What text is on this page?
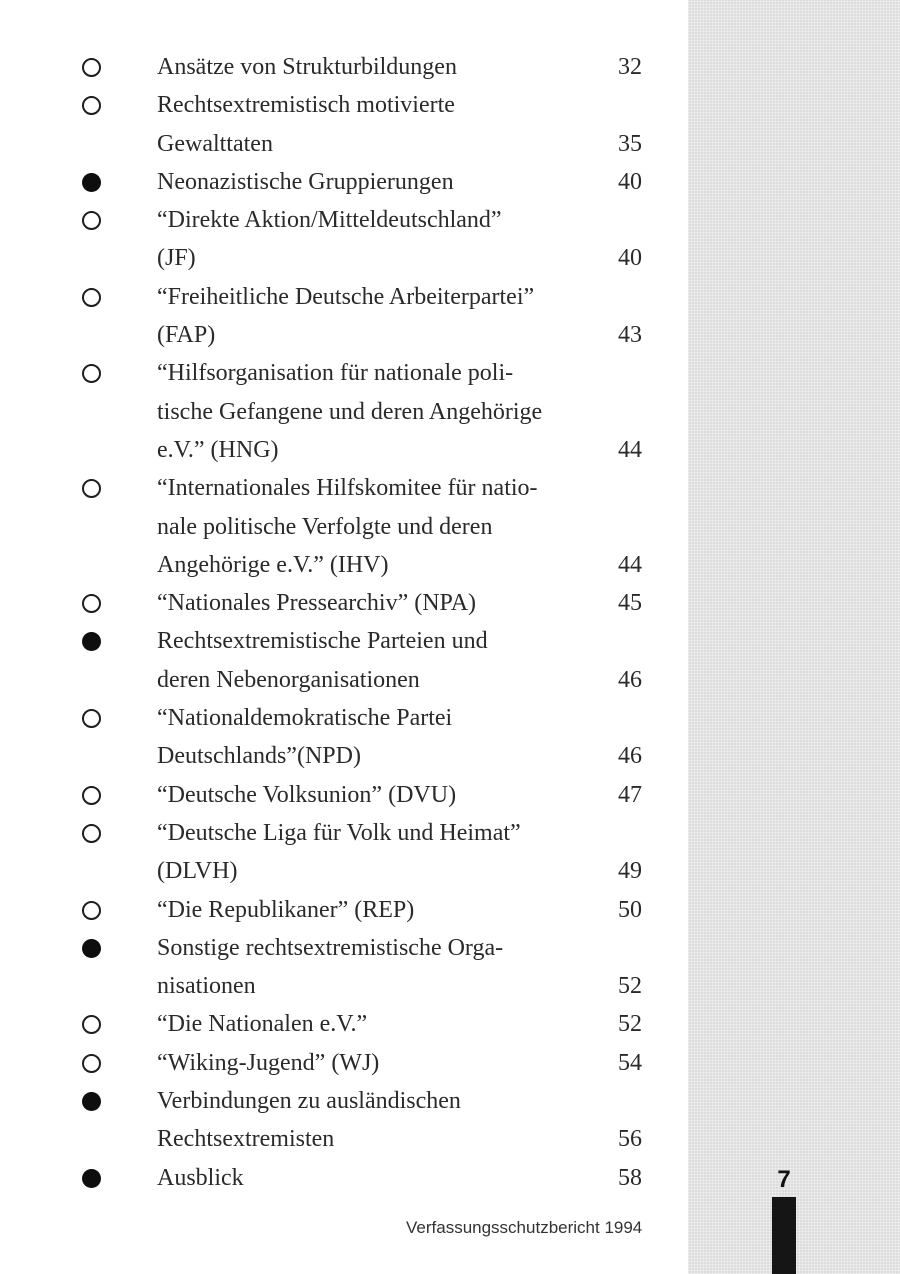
Ansätze von Strukturbildungen	32
Rechtsextremistisch motivierte
Gewalttaten	35
Neonazistische Gruppierungen	40
“Direkte Aktion/Mitteldeutschland”
(JF)	40
“Freiheitliche Deutsche Arbeiterpartei”
(FAP)	43
“Hilfsorganisation für nationale poli-
tische Gefangene und deren Angehörige
e.V.” (HNG)	44
“Internationales Hilfskomitee für natio-
nale politische Verfolgte und deren
Angehörige e.V.” (IHV)	44
“Nationales Pressearchiv” (NPA)	45
Rechtsextremistische Parteien und
deren Nebenorganisationen	46
“Nationaldemokratische Partei
Deutschlands”(NPD)	46
“Deutsche Volksunion” (DVU)	47
“Deutsche Liga für Volk und Heimat”
(DLVH)	49
“Die Republikaner” (REP)	50
Sonstige rechtsextremistische Orga-
nisationen	52
“Die Nationalen e.V.”	52
“Wiking-Jugend” (WJ)	54
Verbindungen zu ausländischen
Rechtsextremisten	56
Ausblick	58	7
Verfassungsschutzbericht 1994
